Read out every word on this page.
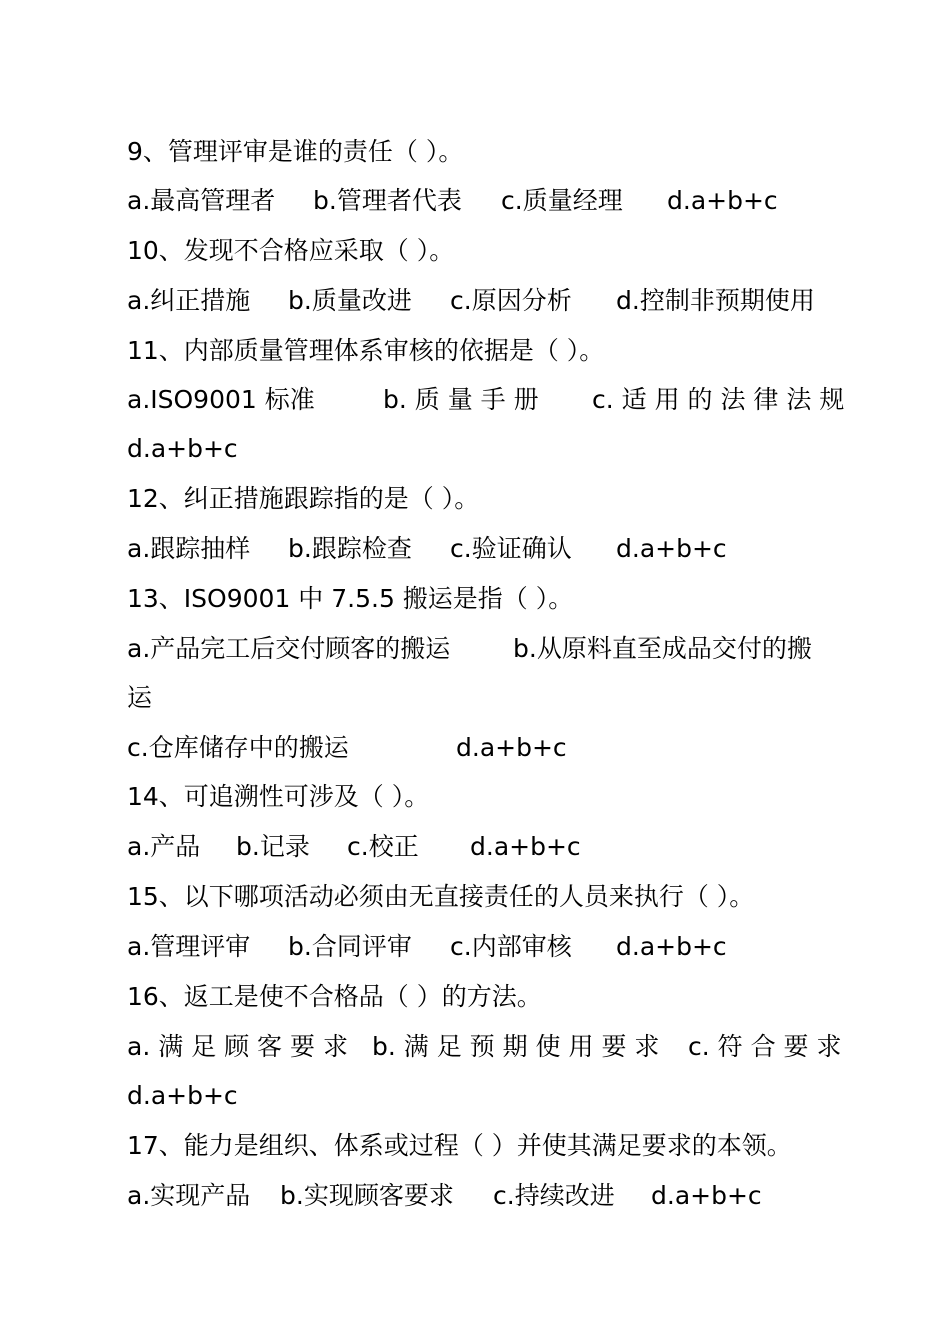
9、管理评审是谁的责任（ ）。
a.最高管理者 b.管理者代表 c.质量经理 d.a+b+c
10、发现不合格应采取（ ）。
a.纠正措施 b.质量改进 c.原因分析 d.控制非预期使用
11、内部质量管理体系审核的依据是（ ）。
a.ISO9001 标准	b. 质 量 手 册 c. 适 用 的 法 律 法 规
d.a+b+c
12、纠正措施跟踪指的是（ ）。
a.跟踪抽样 b.跟踪检查 c.验证确认 d.a+b+c
13、ISO9001 中 7.5.5 搬运是指（ ）。
a.产品完工后交付顾客的搬运	b.从原料直至成品交付的搬
运
c.仓库储存中的搬运	d.a+b+c
14、可追溯性可涉及（ ）。
a.产品 b.记录 c.校正 d.a+b+c
15、以下哪项活动必须由无直接责任的人员来执行（ ）。
a.管理评审 b.合同评审 c.内部审核 d.a+b+c
16、返工是使不合格品（ ）的方法。
a. 满 足 顾 客 要 求 b. 满 足 预 期 使 用 要 求 c. 符 合 要 求
d.a+b+c
17、能力是组织、体系或过程（ ）并使其满足要求的本领。
a.实现产品 b.实现顾客要求 c.持续改进 d.a+b+c
